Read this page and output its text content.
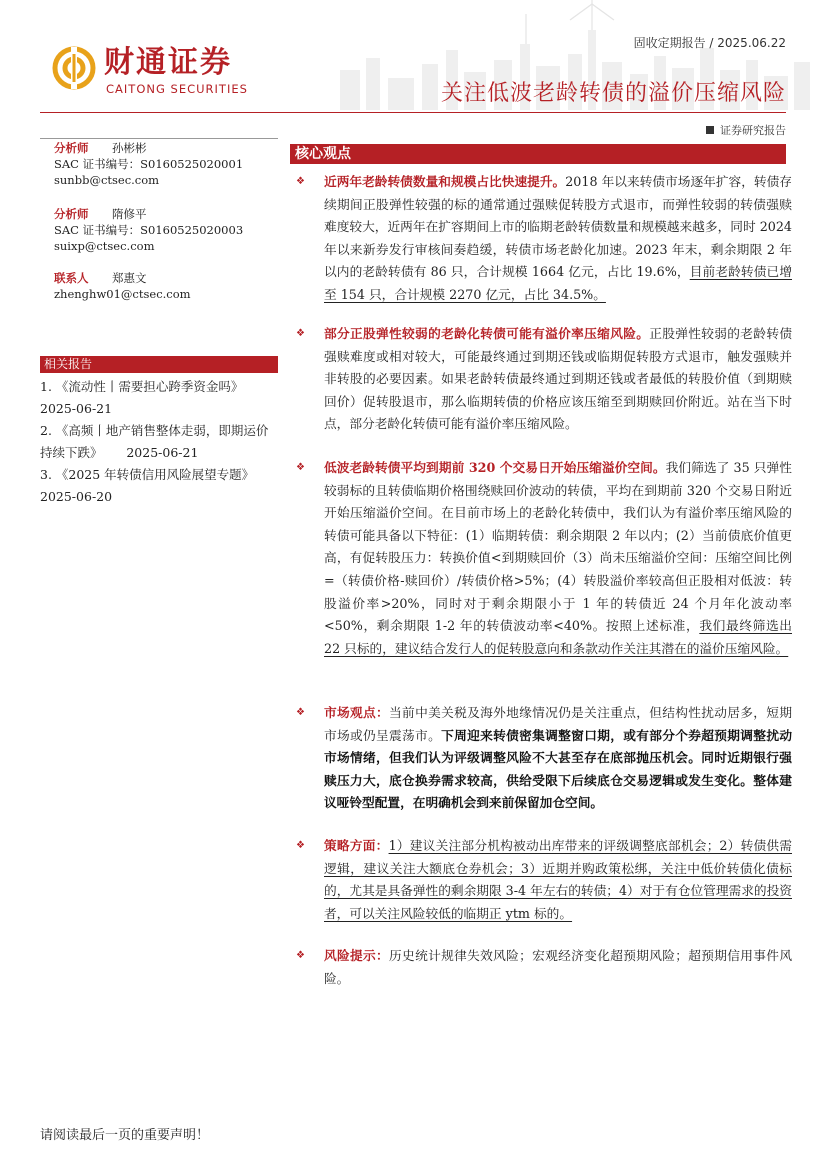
财通证券
CAITONG SECURITIES
固收定期报告 / 2025.06.22
关注低波老龄转债的溢价压缩风险
证券研究报告
分析师 孙彬彬
SAC 证书编号：S0160525020001
sunbb@ctsec.com
分析师 隋修平
SAC 证书编号：S0160525020003
suixp@ctsec.com
联系人 郑惠文
zhenghw01@ctsec.com
相关报告
1. 《流动性丨需要担心跨季资金吗》
2025-06-21
2. 《高频丨地产销售整体走弱，即期运价持续下跌》 2025-06-21
3. 《2025 年转债信用风险展望专题》
2025-06-20
核心观点
❖	近两年老龄转债数量和规模占比快速提升。2018 年以来转债市场逐年扩容，转债存续期间正股弹性较强的标的通常通过强赎促转股方式退市，而弹性较弱的转债强赎难度较大，近两年在扩容期间上市的临期老龄转债数量和规模越来越多，同时 2024 年以来新券发行审核间奏趋缓，转债市场老龄化加速。2023 年末，剩余期限 2 年以内的老龄转债有 86 只，合计规模 1664 亿元，占比 19.6%，目前老龄转债已增至 154 只，合计规模 2270 亿元，占比 34.5%。
❖	部分正股弹性较弱的老龄化转债可能有溢价率压缩风险。正股弹性较弱的老龄转债强赎难度或相对较大，可能最终通过到期还钱或临期促转股方式退市，触发强赎并非转股的必要因素。如果老龄转债最终通过到期还钱或者最低的转股价值（到期赎回价）促转股退市，那么临期转债的价格应该压缩至到期赎回价附近。站在当下时点，部分老龄化转债可能有溢价率压缩风险。
❖	低波老龄转债平均到期前 320 个交易日开始压缩溢价空间。我们筛选了 35 只弹性较弱标的且转债临期价格围绕赎回价波动的转债，平均在到期前 320 个交易日附近开始压缩溢价空间。在目前市场上的老龄化转债中，我们认为有溢价率压缩风险的转债可能具备以下特征：(1）临期转债：剩余期限 2 年以内；(2）当前债底价值更高，有促转股压力：转换价值<到期赎回价（3）尚未压缩溢价空间：压缩空间比例=（转债价格-赎回价）/转债价格>5%；(4）转股溢价率较高但正股相对低波：转股溢价率>20%，同时对于剩余期限小于 1 年的转债近 24 个月年化波动率<50%，剩余期限 1-2 年的转债波动率<40%。按照上述标准，我们最终筛选出 22 只标的，建议结合发行人的促转股意向和条款动作关注其潜在的溢价压缩风险。
❖	市场观点：当前中美关税及海外地缘情况仍是关注重点，但结构性扰动居多，短期市场或仍呈震荡市。下周迎来转债密集调整窗口期，或有部分个券超预期调整扰动市场情绪，但我们认为评级调整风险不大甚至存在底部抛压机会。同时近期银行强赎压力大，底仓换券需求较高，供给受限下后续底仓交易逻辑或发生变化。整体建议哑铃型配置，在明确机会到来前保留加仓空间。
❖	策略方面：1）建议关注部分机构被动出库带来的评级调整底部机会；2）转债供需逻辑，建议关注大额底仓券机会；3）近期并购政策松绑，关注中低价转债化债标的，尤其是具备弹性的剩余期限 3-4 年左右的转债；4）对于有仓位管理需求的投资者，可以关注风险较低的临期正 ytm 标的。
❖	风险提示：历史统计规律失效风险；宏观经济变化超预期风险；超预期信用事件风险。
请阅读最后一页的重要声明！
